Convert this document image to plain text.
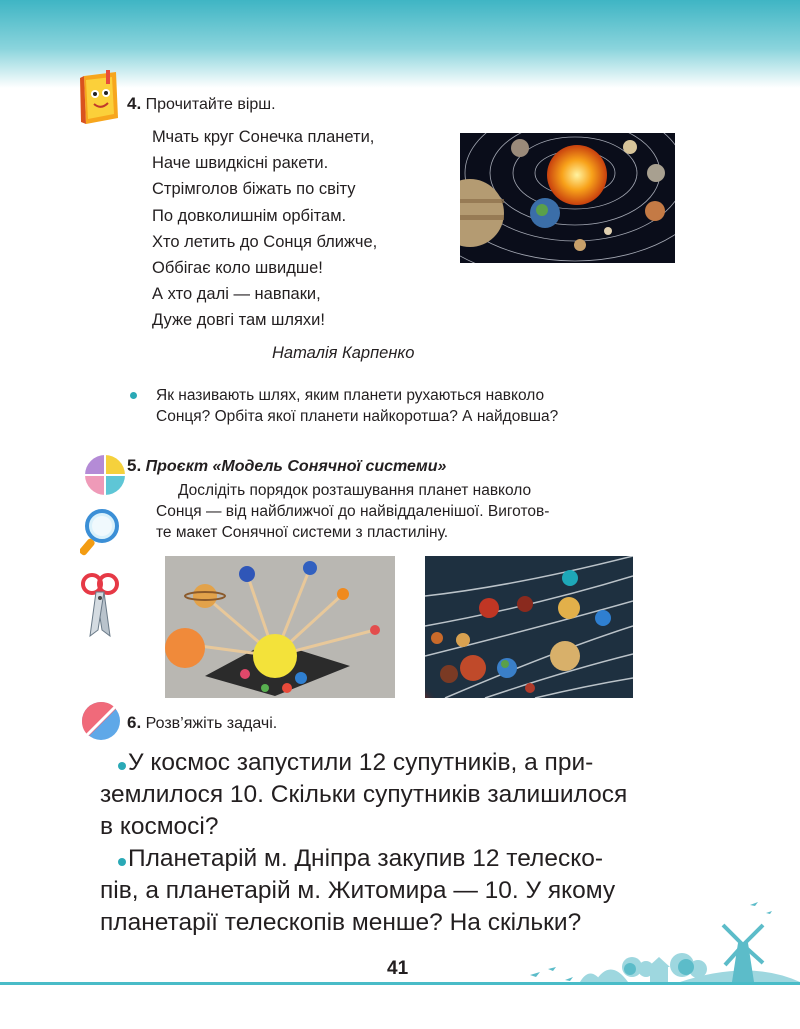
4. Прочитайте вірш.
Мчать круг Сонечка планети,
Наче швидкісні ракети.
Стрімголов біжать по світу
По довколишнім орбітам.
Хто летить до Сонця ближче,
Оббігає коло швидше!
А хто далі — навпаки,
Дуже довгі там шляхи!
Наталія Карпенко
Як називають шлях, яким планети рухаються навколо
Сонця? Орбіта якої планети найкоротша? А найдовша?
5. Проєкт «Модель Сонячної системи»
Дослідіть порядок розташування планет навколо
Сонця — від найближчої до найвіддаленішої. Виготов-
те макет Сонячної системи з пластиліну.
6. Розв’яжіть задачі.
У космос запустили 12 супутників, а при-
землилося 10. Скільки супутників залишилося
в космосі?
Планетарій м. Дніпра закупив 12 телеско-
пів, а планетарій м. Житомира — 10. У якому
планетарії телескопів менше? На скільки?
41
